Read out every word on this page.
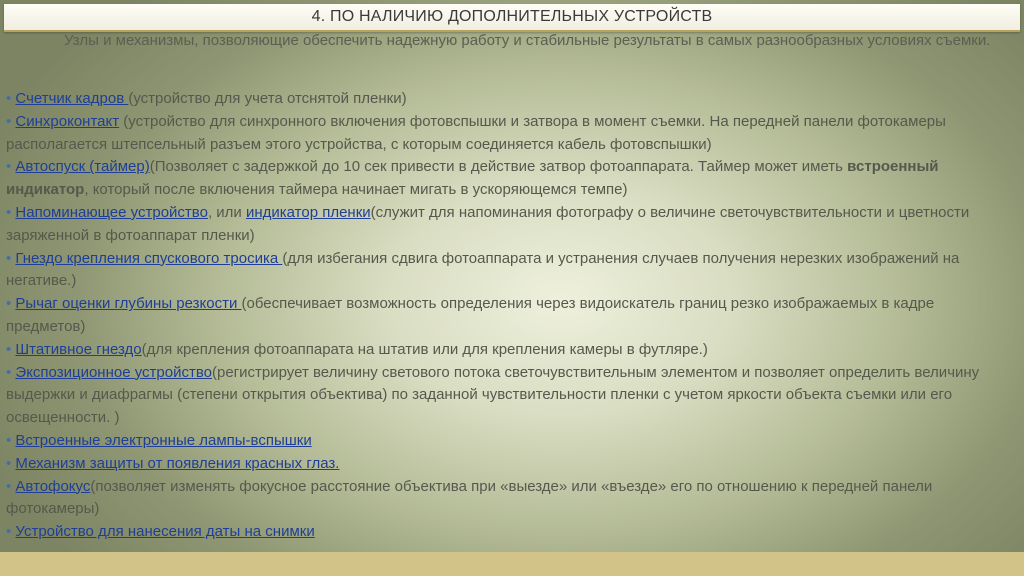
4. ПО НАЛИЧИЮ ДОПОЛНИТЕЛЬНЫХ УСТРОЙСТВ
Узлы и механизмы, позволяющие обеспечить надежную работу и стабильные результаты в самых разнообразных условиях съемки.
• Счетчик кадров (устройство для учета отснятой пленки)
• Синхроконтакт (устройство для синхронного включения фотовспышки и затвора в момент съемки. На передней панели фотокамеры располагается штепсельный разъем этого устройства, с которым соединяется кабель фотовспышки)
• Автоспуск (таймер)(Позволяет с задержкой до 10 сек привести в действие затвор фотоаппарата. Таймер может иметь встроенный индикатор, который после включения таймера начинает мигать в ускоряющемся темпе)
• Напоминающее устройство, или индикатор пленки(служит для напоминания фотографу о величине светочувствительности и цветности заряженной в фотоаппарат пленки)
• Гнездо крепления спускового тросика (для избегания сдвига фотоаппарата и устранения случаев получения нерезких изображений на негативе.)
• Рычаг оценки глубины резкости (обеспечивает возможность определения через видоискатель границ резко изображаемых в кадре предметов)
• Штативное гнездо(для крепления фотоаппарата на штатив или для крепления камеры в футляре.)
• Экспозиционное устройство(регистрирует величину светового потока светочувствительным элементом и позволяет определить величину выдержки и диафрагмы (степени открытия объектива) по заданной чувствительности пленки с учетом яркости объекта съемки или его освещенности. )
• Встроенные электронные лампы-вспышки
• Механизм защиты от появления красных глаз.
• Автофокус(позволяет изменять фокусное расстояние объектива при «выезде» или «въезде» его по отношению к передней панели фотокамеры)
• Устройство для нанесения даты на снимки
